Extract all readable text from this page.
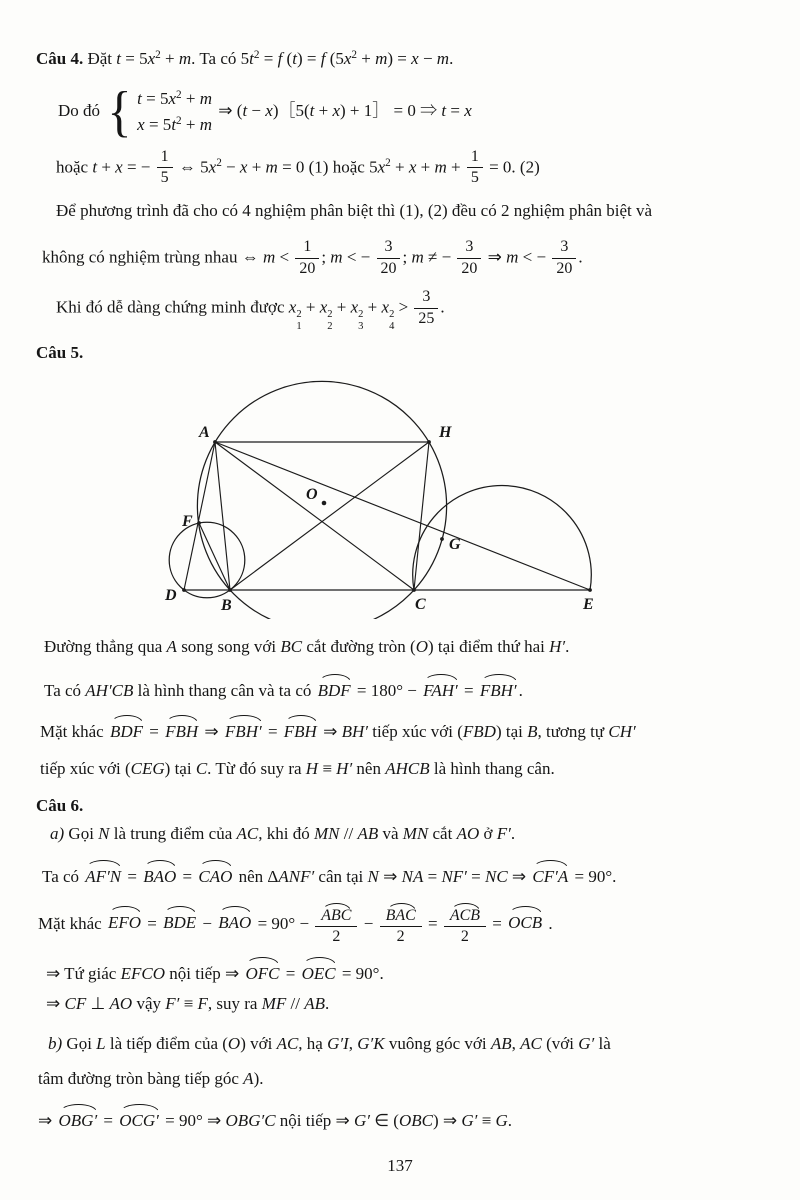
Câu 4. Đặt $t = 5x^2 + m$. Ta có $5t^2 = f$ (t) = f $(5x^2 + m) = x - m$.

Do đó { $t = 5x^2 + m$
$x = 5t^2 + m$
⇒ (t − x)［5(t + x) + 1］ = 0 ⇒ t = x

hoặc t + x = − $\frac{1}{5}$ ⇔ $5x^2 - x + m = 0$ (1) hoặc $5x^2 + x + m + \frac{1}{5} = 0$. (2)

Để phương trình đã cho có 4 nghiệm phân biệt thì (1), (2) đều có 2 nghiệm phân biệt và

không có nghiệm trùng nhau ⇔ $m < \frac{1}{20}$ ; m < − $\frac{3}{20}$ ; m ≠ − $\frac{3}{20}$ ⇒ m < − $\frac{3}{20}$ .

Khi đó dễ dàng chứng minh được x 2
1
+ x 2
2
+ x 2
3
+ x 2
4
> $\frac{3}{25}$ .

Câu 5.

A	H
F
G
D
B	C	E
O

Đường thẳng qua A song song với BC cắt đường tròn (O) tại điểm thứ hai H′.

Ta có AH′CB là hình thang cân và ta có BDF = 180° − FAH′ = FBH′ .

Mặt khác BDF = FBH ⇒ FBH′ = FBH ⇒ BH′ tiếp xúc với (FBD) tại B, tương tự CH′

tiếp xúc với (CEG) tại C. Từ đó suy ra H ≡ H′ nên AHCB là hình thang cân.

Câu 6.

a) Gọi N là trung điểm của AC, khi đó MN // AB và MN cắt AO ở F′.

Ta có AF′N = BAO = CAO nên ΔANF′ cân tại N ⇒ NA = NF′ = NC ⇒ CF′A = 90°.

Mặt khác EFO = BDE − BAO = $90^\circ - \frac{\text{ABC}}{2} - \frac{\text{BAC}}{2} = \frac{\text{ACB}}{2}$ = OCB .

⇒ Tứ giác EFCO nội tiếp ⇒ OFC = OEC = 90°.

⇒ CF ⊥ AO vậy F′ ≡ F, suy ra MF // AB.

b) Gọi L là tiếp điểm của (O) với AC, hạ G′I, G′K vuông góc với AB, AC (với G′ là

tâm đường tròn bàng tiếp góc A).

⇒ OBG′ = OCG′ = 90° ⇒ OBG′C nội tiếp ⇒ G′ ∈ (OBC) ⇒ G′ ≡ G.

137
